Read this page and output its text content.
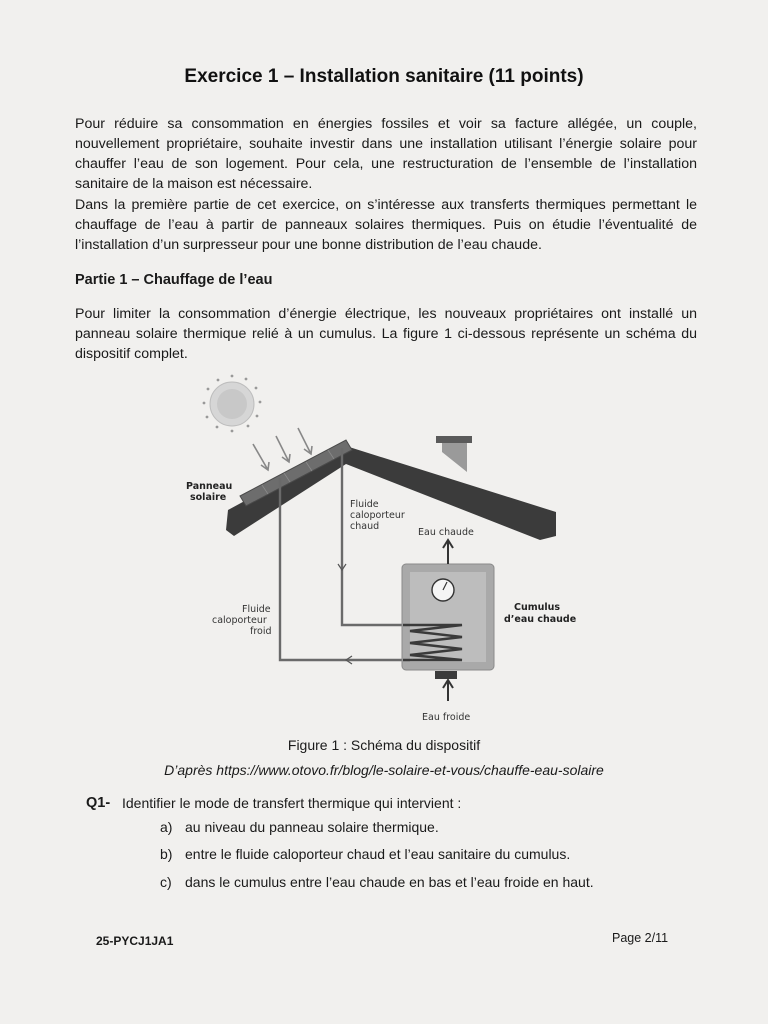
Exercice 1 – Installation sanitaire (11 points)

Pour réduire sa consommation en énergies fossiles et voir sa facture allégée, un couple, nouvellement propriétaire, souhaite investir dans une installation utilisant l’énergie solaire pour chauffer l’eau de son logement. Pour cela, une restructuration de l’ensemble de l’installation sanitaire de la maison est nécessaire.

Dans la première partie de cet exercice, on s’intéresse aux transferts thermiques permettant le chauffage de l’eau à partir de panneaux solaires thermiques. Puis on étudie l’éventualité de l’installation d’un surpresseur pour une bonne distribution de l’eau chaude.

Partie 1 – Chauffage de l’eau

Pour limiter la consommation d’énergie électrique, les nouveaux propriétaires ont installé un panneau solaire thermique relié à un cumulus. La figure 1 ci-dessous représente un schéma du dispositif complet.

Panneau
solaire
Fluide
caloporteur
chaud
Eau chaude
Fluide
caloporteur
froid
Cumulus
d’eau chaude
Eau froide
Figure 1 : Schéma du dispositif
D’après https://www.otovo.fr/blog/le-solaire-et-vous/chauffe-eau-solaire
Q1- Identifier le mode de transfert thermique qui intervient :
a) au niveau du panneau solaire thermique.
b) entre le fluide caloporteur chaud et l’eau sanitaire du cumulus.
c) dans le cumulus entre l’eau chaude en bas et l’eau froide en haut.
25-PYCJ1JA1	Page 2/11
